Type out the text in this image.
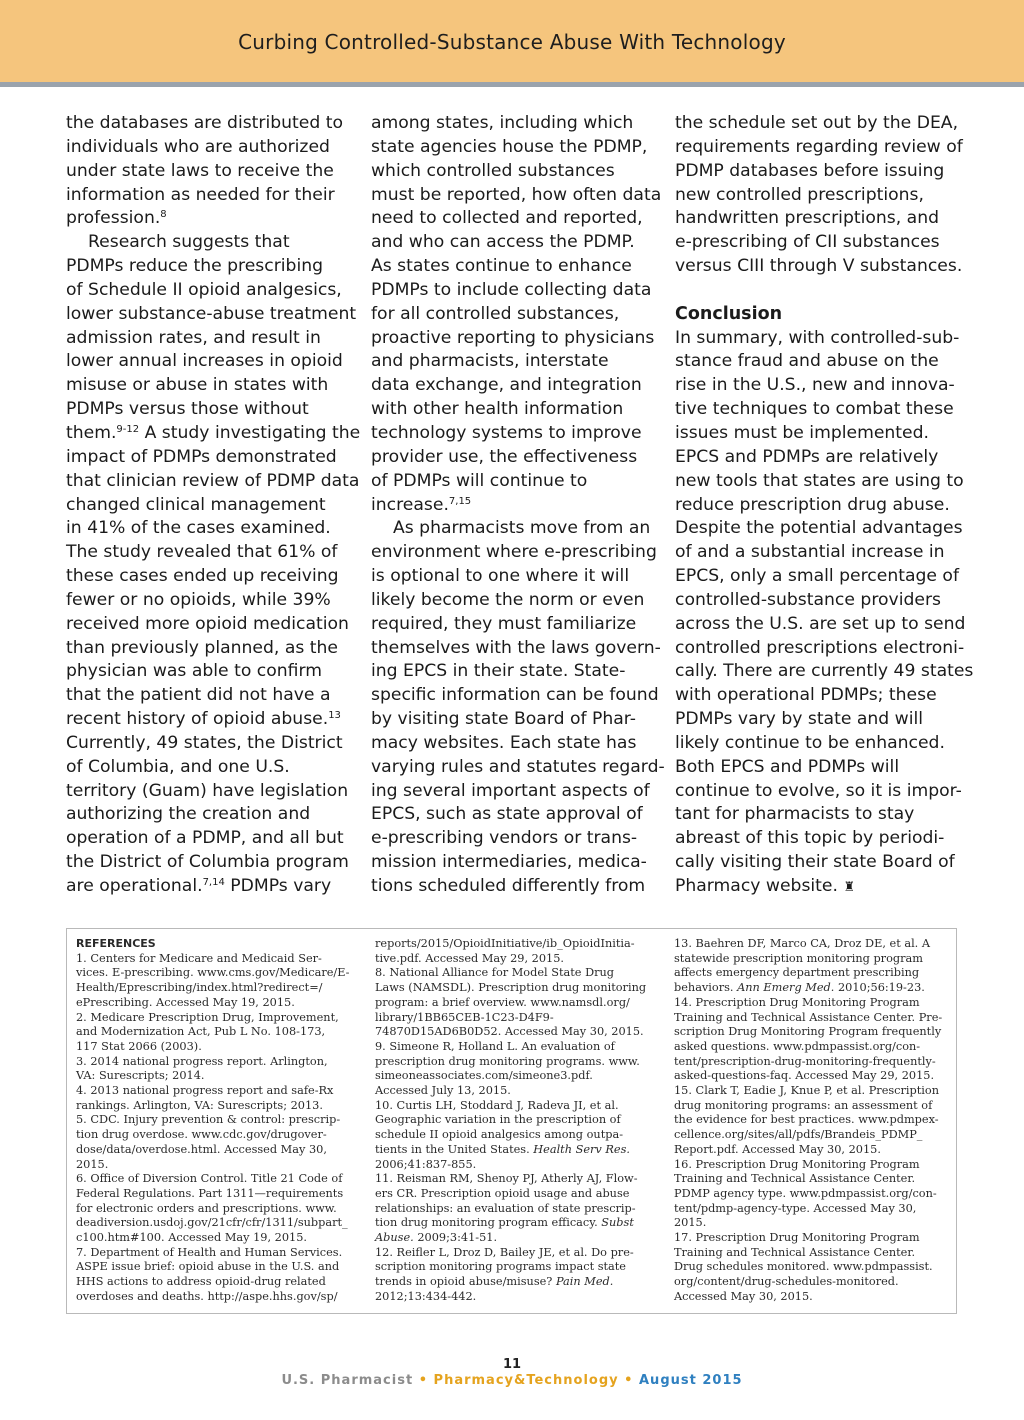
Curbing Controlled-Substance Abuse With Technology
the databases are distributed to
individuals who are authorized
under state laws to receive the
information as needed for their
profession.$^8$
Research suggests that
PDMPs reduce the prescribing
of Schedule II opioid analgesics,
lower substance-abuse treatment
admission rates, and result in
lower annual increases in opioid
misuse or abuse in states with
PDMPs versus those without
them.$^{9-12}$ A study investigating the
impact of PDMPs demonstrated
that clinician review of PDMP data
changed clinical management
in 41% of the cases examined.
The study revealed that 61% of
these cases ended up receiving
fewer or no opioids, while 39%
received more opioid medication
than previously planned, as the
physician was able to confirm
that the patient did not have a
recent history of opioid abuse.$^{13}$
Currently, 49 states, the District
of Columbia, and one U.S.
territory (Guam) have legislation
authorizing the creation and
operation of a PDMP, and all but
the District of Columbia program
are operational.$^{7,14}$ PDMPs vary
among states, including which
state agencies house the PDMP,
which controlled substances
must be reported, how often data
need to collected and reported,
and who can access the PDMP.
As states continue to enhance
PDMPs to include collecting data
for all controlled substances,
proactive reporting to physicians
and pharmacists, interstate
data exchange, and integration
with other health information
technology systems to improve
provider use, the effectiveness
of PDMPs will continue to
increase.$^{7,15}$
As pharmacists move from an
environment where e-prescribing
is optional to one where it will
likely become the norm or even
required, they must familiarize
themselves with the laws govern-
ing EPCS in their state. State-
specific information can be found
by visiting state Board of Phar-
macy websites. Each state has
varying rules and statutes regard-
ing several important aspects of
EPCS, such as state approval of
e-prescribing vendors or trans-
mission intermediaries, medica-
tions scheduled differently from
the schedule set out by the DEA,
requirements regarding review of
PDMP databases before issuing
new controlled prescriptions,
handwritten prescriptions, and
e-prescribing of CII substances
versus CIII through V substances.
Conclusion
In summary, with controlled-sub-
stance fraud and abuse on the
rise in the U.S., new and innova-
tive techniques to combat these
issues must be implemented.
EPCS and PDMPs are relatively
new tools that states are using to
reduce prescription drug abuse.
Despite the potential advantages
of and a substantial increase in
EPCS, only a small percentage of
controlled-substance providers
across the U.S. are set up to send
controlled prescriptions electroni-
cally. There are currently 49 states
with operational PDMPs; these
PDMPs vary by state and will
likely continue to be enhanced.
Both EPCS and PDMPs will
continue to evolve, so it is impor-
tant for pharmacists to stay
abreast of this topic by periodi-
cally visiting their state Board of
Pharmacy website. ♜
REFERENCES
1. Centers for Medicare and Medicaid Ser-
vices. E-prescribing. www.cms.gov/Medicare/E-
Health/Eprescribing/index.html?redirect=/
ePrescribing. Accessed May 19, 2015.
2. Medicare Prescription Drug, Improvement,
and Modernization Act, Pub L No. 108-173,
117 Stat 2066 (2003).
3. 2014 national progress report. Arlington,
VA: Surescripts; 2014.
4. 2013 national progress report and safe-Rx
rankings. Arlington, VA: Surescripts; 2013.
5. CDC. Injury prevention & control: prescrip-
tion drug overdose. www.cdc.gov/drugover-
dose/data/overdose.html. Accessed May 30,
2015.
6. Office of Diversion Control. Title 21 Code of
Federal Regulations. Part 1311—requirements
for electronic orders and prescriptions. www.
deadiversion.usdoj.gov/21cfr/cfr/1311/subpart_
c100.htm#100. Accessed May 19, 2015.
7. Department of Health and Human Services.
ASPE issue brief: opioid abuse in the U.S. and
HHS actions to address opioid-drug related
overdoses and deaths. http://aspe.hhs.gov/sp/
reports/2015/OpioidInitiative/ib_OpioidInitia-
tive.pdf. Accessed May 29, 2015.
8. National Alliance for Model State Drug
Laws (NAMSDL). Prescription drug monitoring
program: a brief overview. www.namsdl.org/
library/1BB65CEB-1C23-D4F9-
74870D15AD6B0D52. Accessed May 30, 2015.
9. Simeone R, Holland L. An evaluation of
prescription drug monitoring programs. www.
simeoneassociates.com/simeone3.pdf.
Accessed July 13, 2015.
10. Curtis LH, Stoddard J, Radeva JI, et al.
Geographic variation in the prescription of
schedule II opioid analgesics among outpa-
tients in the United States. Health Serv Res.
2006;41:837-855.
11. Reisman RM, Shenoy PJ, Atherly AJ, Flow-
ers CR. Prescription opioid usage and abuse
relationships: an evaluation of state prescrip-
tion drug monitoring program efficacy. Subst
Abuse. 2009;3:41-51.
12. Reifler L, Droz D, Bailey JE, et al. Do pre-
scription monitoring programs impact state
trends in opioid abuse/misuse? Pain Med.
2012;13:434-442.
13. Baehren DF, Marco CA, Droz DE, et al. A
statewide prescription monitoring program
affects emergency department prescribing
behaviors. Ann Emerg Med. 2010;56:19-23.
14. Prescription Drug Monitoring Program
Training and Technical Assistance Center. Pre-
scription Drug Monitoring Program frequently
asked questions. www.pdmpassist.org/con-
tent/prescription-drug-monitoring-frequently-
asked-questions-faq. Accessed May 29, 2015.
15. Clark T, Eadie J, Knue P, et al. Prescription
drug monitoring programs: an assessment of
the evidence for best practices. www.pdmpex-
cellence.org/sites/all/pdfs/Brandeis_PDMP_
Report.pdf. Accessed May 30, 2015.
16. Prescription Drug Monitoring Program
Training and Technical Assistance Center.
PDMP agency type. www.pdmpassist.org/con-
tent/pdmp-agency-type. Accessed May 30,
2015.
17. Prescription Drug Monitoring Program
Training and Technical Assistance Center.
Drug schedules monitored. www.pdmpassist.
org/content/drug-schedules-monitored.
Accessed May 30, 2015.
11
U.S. Pharmacist • Pharmacy&Technology • August 2015
